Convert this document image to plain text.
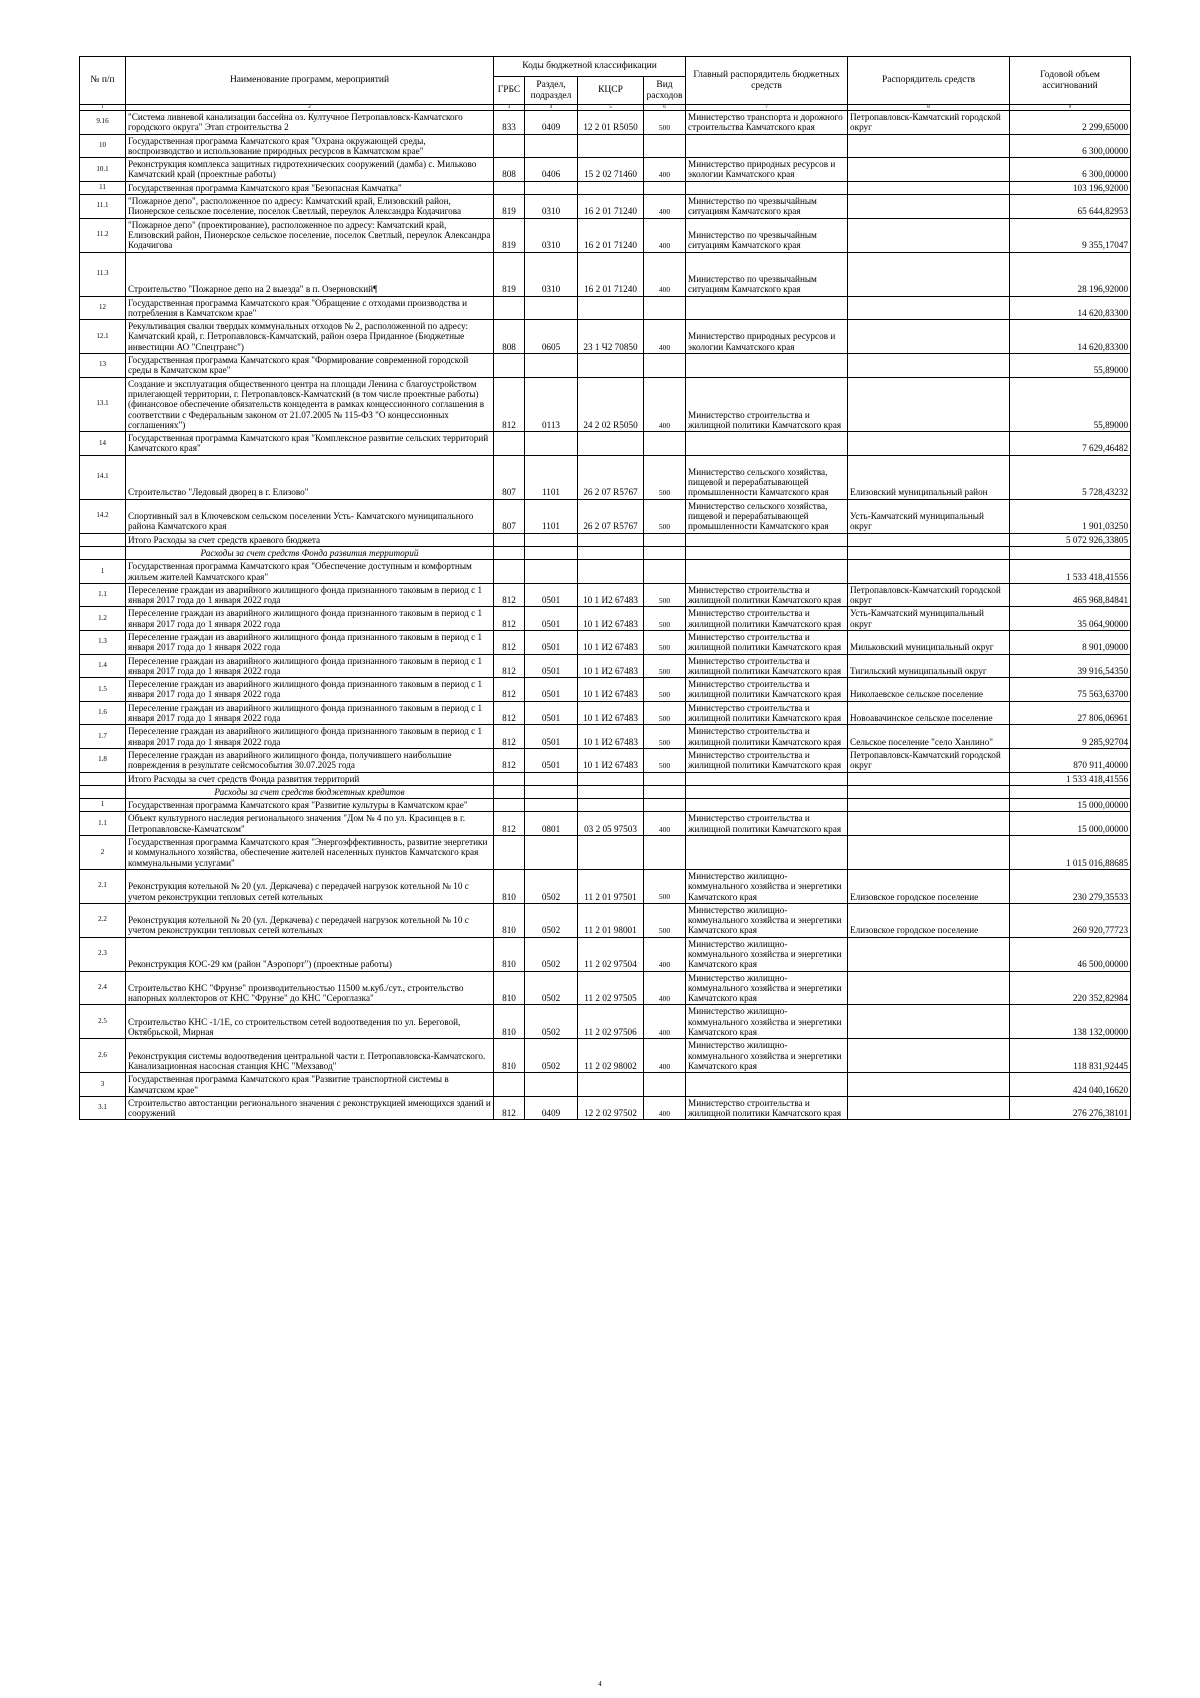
№ п/п	Наименование программ, мероприятий	Коды бюджетной классификации				Главный распорядитель бюджетных средств	Распорядитель средств	Годовой объем ассигнований
		ГРБС	Раздел, подраздел	КЦСР	Вид расходов			
1	2	3	4	5	6	7	8	9
9.16	"Система ливневой канализации бассейна оз. Култучное Петропавловск-Камчатского городского округа" Этап строительства 2	833	0409	12 2 01 R5050	500	Министерство транспорта и дорожного строительства Камчатского края	Петропавловск-Камчатский городской округ	2 299,65000
10	Государственная программа Камчатского края "Охрана окружающей среды, воспроизводство и использование природных ресурсов в Камчатском крае"							6 300,00000
10.1	Реконструкция комплекса защитных гидротехнических сооружений (дамба) с. Мильково Камчатский край (проектные работы)	808	0406	15 2 02 71460	400	Министерство природных ресурсов и экологии Камчатского края		6 300,00000
11	Государственная программа Камчатского края "Безопасная Камчатка"							103 196,92000
11.1	"Пожарное депо", расположенное по адресу: Камчатский край, Елизовский район, Пионерское сельское поселение, поселок Светлый, переулок Александра Кодачигова	819	0310	16 2 01 71240	400	Министерство по чрезвычайным ситуациям Камчатского края		65 644,82953
11.2	"Пожарное депо" (проектирование), расположенное по адресу: Камчатский край, Елизовский район, Пионерское сельское поселение, поселок Светлый, переулок Александра Кодачигова	819	0310	16 2 01 71240	400	Министерство по чрезвычайным ситуациям Камчатского края		9 355,17047
11.3	Строительство "Пожарное депо на 2 выезда" в п. Озерновский¶	819	0310	16 2 01 71240	400	Министерство по чрезвычайным ситуациям Камчатского края		28 196,92000
12	Государственная программа Камчатского края "Обращение с отходами производства и потребления в Камчатском крае"							14 620,83300
12.1	Рекультивация свалки твердых коммунальных отходов № 2, расположенной по адресу: Камчатский край, г. Петропавловск-Камчатский, район озера Приданное (Бюджетные инвестиции АО "Спецтранс")	808	0605	23 1 Ч2 70850	400	Министерство природных ресурсов и экологии Камчатского края		14 620,83300
13	Государственная программа Камчатского края "Формирование современной городской среды в Камчатском крае"							55,89000
13.1	Создание и эксплуатация общественного центра на площади Ленина с благоустройством прилегающей территории, г. Петропавловск-Камчатский (в том числе проектные работы) (финансовое обеспечение обязательств концедента в рамках концессионного соглашения в соответствии с Федеральным законом от 21.07.2005 № 115-ФЗ "О концессионных соглашениях")	812	0113	24 2 02 R5050	400	Министерство строительства и жилищной политики Камчатского края		55,89000
14	Государственная программа Камчатского края "Комплексное развитие сельских территорий Камчатского края"							7 629,46482
14.1	Строительство "Ледовый дворец в г. Елизово"	807	1101	26 2 07 R5767	500	Министерство сельского хозяйства, пищевой и перерабатывающей промышленности Камчатского края	Елизовский муниципальный район	5 728,43232
14.2	Спортивный зал в Ключевском сельском поселении Усть- Камчатского муниципального района Камчатского края	807	1101	26 2 07 R5767	500	Министерство сельского хозяйства, пищевой и перерабатывающей промышленности Камчатского края	Усть-Камчатский муниципальный округ	1 901,03250
	Итого Расходы за счет средств краевого бюджета							5 072 926,33805
	Расходы за счет средств Фонда развития территорий							
1	Государственная программа Камчатского края "Обеспечение доступным и комфортным жильем жителей Камчатского края"							1 533 418,41556
1.1	Переселение граждан из аварийного жилищного фонда признанного таковым в период с 1 января 2017 года до 1 января 2022 года	812	0501	10 1 И2 67483	500	Министерство строительства и жилищной политики Камчатского края	Петропавловск-Камчатский городской округ	465 968,84841
1.2	Переселение граждан из аварийного жилищного фонда признанного таковым в период с 1 января 2017 года до 1 января 2022 года	812	0501	10 1 И2 67483	500	Министерство строительства и жилищной политики Камчатского края	Усть-Камчатский муниципальный округ	35 064,90000
1.3	Переселение граждан из аварийного жилищного фонда признанного таковым в период с 1 января 2017 года до 1 января 2022 года	812	0501	10 1 И2 67483	500	Министерство строительства и жилищной политики Камчатского края	Мильковский муниципальный округ	8 901,09000
1.4	Переселение граждан из аварийного жилищного фонда признанного таковым в период с 1 января 2017 года до 1 января 2022 года	812	0501	10 1 И2 67483	500	Министерство строительства и жилищной политики Камчатского края	Тигильский муниципальный округ	39 916,54350
1.5	Переселение граждан из аварийного жилищного фонда признанного таковым в период с 1 января 2017 года до 1 января 2022 года	812	0501	10 1 И2 67483	500	Министерство строительства и жилищной политики Камчатского края	Николаевское сельское поселение	75 563,63700
1.6	Переселение граждан из аварийного жилищного фонда признанного таковым в период с 1 января 2017 года до 1 января 2022 года	812	0501	10 1 И2 67483	500	Министерство строительства и жилищной политики Камчатского края	Новоавачинское сельское поселение	27 806,06961
1.7	Переселение граждан из аварийного жилищного фонда признанного таковым в период с 1 января 2017 года до 1 января 2022 года	812	0501	10 1 И2 67483	500	Министерство строительства и жилищной политики Камчатского края	Сельское поселение "село Ханлино"	9 285,92704
1.8	Переселение граждан из аварийного жилищного фонда, получившего наибольшие повреждения в результате сейсмособытия 30.07.2025 года	812	0501	10 1 И2 67483	500	Министерство строительства и жилищной политики Камчатского края	Петропавловск-Камчатский городской округ	870 911,40000
	Итого Расходы за счет средств Фонда развития территорий							1 533 418,41556
	Расходы за счет средств бюджетных кредитов							
1	Государственная программа Камчатского края "Развитие культуры в Камчатском крае"							15 000,00000
1.1	Объект культурного наследия регионального значения "Дом № 4 по ул. Красинцев в г. Петропавловске-Камчатском"	812	0801	03 2 05 97503	400	Министерство строительства и жилищной политики Камчатского края		15 000,00000
2	Государственная программа Камчатского края "Энергоэффективность, развитие энергетики и коммунального хозяйства, обеспечение жителей населенных пунктов Камчатского края коммунальными услугами"							1 015 016,88685
2.1	Реконструкция котельной № 20 (ул. Деркачева) с передачей нагрузок котельной № 10 с учетом реконструкции тепловых сетей котельных	810	0502	11 2 01 97501	500	Министерство жилищно-коммунального хозяйства и энергетики Камчатского края	Елизовское городское поселение	230 279,35533
2.2	Реконструкция котельной № 20 (ул. Деркачева) с передачей нагрузок котельной № 10 с учетом реконструкции тепловых сетей котельных	810	0502	11 2 01 98001	500	Министерство жилищно-коммунального хозяйства и энергетики Камчатского края	Елизовское городское поселение	260 920,77723
2.3	Реконструкция КОС-29 км (район "Аэропорт") (проектные работы)	810	0502	11 2 02 97504	400	Министерство жилищно-коммунального хозяйства и энергетики Камчатского края		46 500,00000
2.4	Строительство КНС "Фрунзе" производительностью 11500 м.куб./сут., строительство напорных коллекторов от КНС "Фрунзе" до КНС "Сероглазка"	810	0502	11 2 02 97505	400	Министерство жилищно-коммунального хозяйства и энергетики Камчатского края		220 352,82984
2.5	Строительство КНС -1/1Е, со строительством сетей водоотведения по ул. Береговой, Октябрьской, Мирная	810	0502	11 2 02 97506	400	Министерство жилищно-коммунального хозяйства и энергетики Камчатского края		138 132,00000
2.6	Реконструкция системы водоотведения центральной части г. Петропавловска-Камчатского. Канализационная насосная станция КНС "Мехзавод"	810	0502	11 2 02 98002	400	Министерство жилищно-коммунального хозяйства и энергетики Камчатского края		118 831,92445
3	Государственная программа Камчатского края "Развитие транспортной системы в Камчатском крае"							424 040,16620
3.1	Строительство автостанции регионального значения с реконструкцией имеющихся зданий и сооружений	812	0409	12 2 02 97502	400	Министерство строительства и жилищной политики Камчатского края		276 276,38101
4
